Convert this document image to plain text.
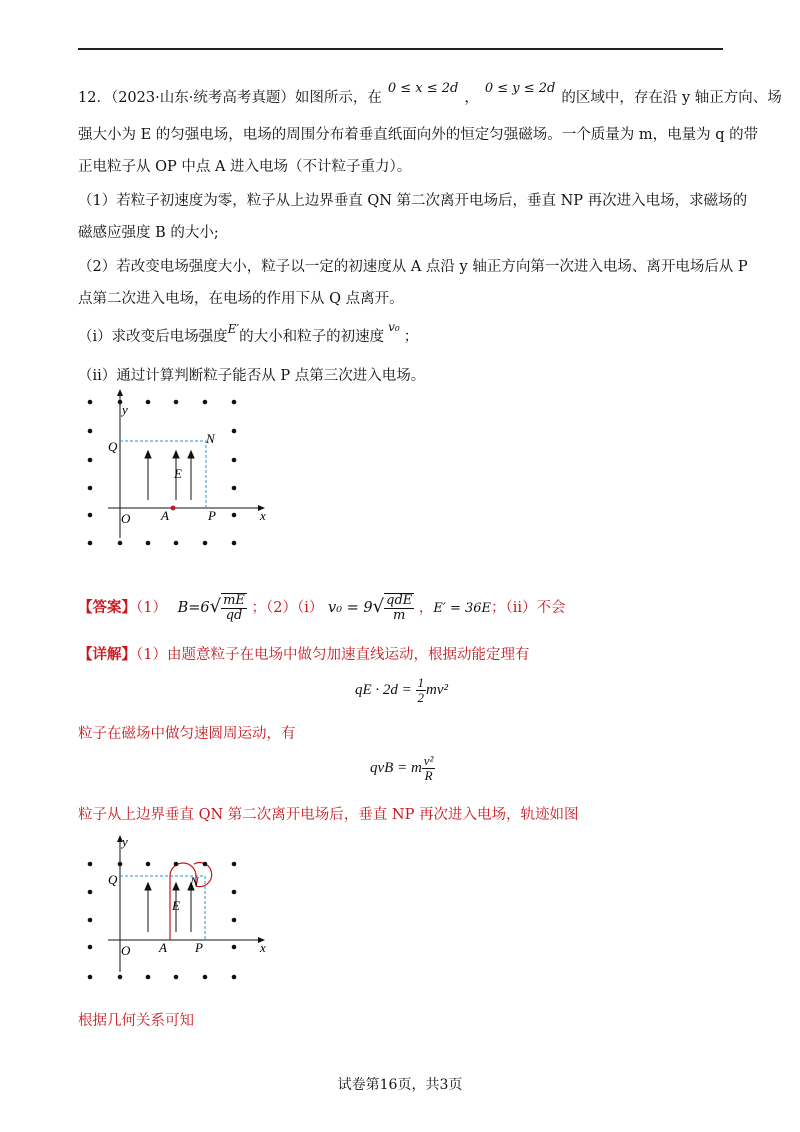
12．（2023·山东·统考高考真题）如图所示，在0 ≤ x ≤ 2d，0 ≤ y ≤ 2d的区域中，存在沿 y 轴正方向、场
强大小为 E 的匀强电场，电场的周围分布着垂直纸面向外的恒定匀强磁场。一个质量为 m，电量为 q 的带
正电粒子从 OP 中点 A 进入电场（不计粒子重力）。
（1）若粒子初速度为零，粒子从上边界垂直 QN 第二次离开电场后，垂直 NP 再次进入电场，求磁场的
磁感应强度 B 的大小;
（2）若改变电场强度大小，粒子以一定的初速度从 A 点沿 y 轴正方向第一次进入电场、离开电场后从 P
点第二次进入电场，在电场的作用下从 Q 点离开。
（i）求改变后电场强度$^{E'}$的大小和粒子的初速度$^{v_0}$；
（ii）通过计算判断粒子能否从 P 点第三次进入电场。
y
x
Q
N
E
O A	P
【答案】（1） $B=6√ \frac{mE}{qd}$ ；（2）（i） $v_0 = 9√ \frac{\text{qdE}}{m}$ ，E′ = 36E；（ii）不会
【详解】（1）由题意粒子在电场中做匀加速直线运动，根据动能定理有
qE · $2d = \frac{1}{2} mv^2$
粒子在磁场中做匀速圆周运动，有
qvB = m $\frac{\text{v²}}{R}$
粒子从上边界垂直 QN 第二次离开电场后，垂直 NP 再次进入电场，轨迹如图
y
x
Q	N
E
O A P
根据几何关系可知
试卷第16页，共3页
